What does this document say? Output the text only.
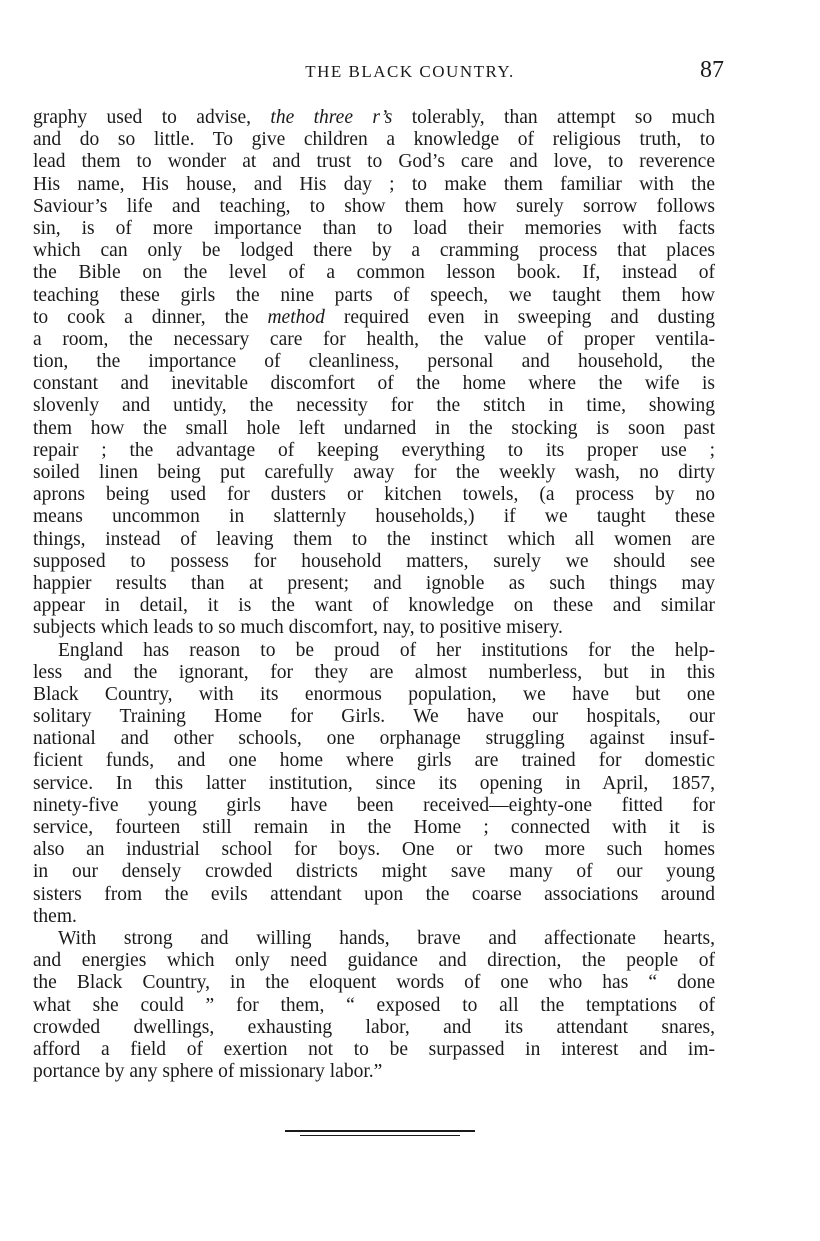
THE BLACK COUNTRY.	87
graphy used to advise, the three r’s tolerably, than attempt so much
and do so little. To give children a knowledge of religious truth, to
lead them to wonder at and trust to God’s care and love, to reverence
His name, His house, and His day ; to make them familiar with the
Saviour’s life and teaching, to show them how surely sorrow follows
sin, is of more importance than to load their memories with facts
which can only be lodged there by a cramming process that places
the Bible on the level of a common lesson book. If, instead of
teaching these girls the nine parts of speech, we taught them how
to cook a dinner, the method required even in sweeping and dusting
a room, the necessary care for health, the value of proper ventila-
tion, the importance of cleanliness, personal and household, the
constant and inevitable discomfort of the home where the wife is
slovenly and untidy, the necessity for the stitch in time, showing
them how the small hole left undarned in the stocking is soon past
repair ; the advantage of keeping everything to its proper use ;
soiled linen being put carefully away for the weekly wash, no dirty
aprons being used for dusters or kitchen towels, (a process by no
means uncommon in slatternly households,) if we taught these
things, instead of leaving them to the instinct which all women are
supposed to possess for household matters, surely we should see
happier results than at present; and ignoble as such things may
appear in detail, it is the want of knowledge on these and similar
subjects which leads to so much discomfort, nay, to positive misery.
England has reason to be proud of her institutions for the help-
less and the ignorant, for they are almost numberless, but in this
Black Country, with its enormous population, we have but one
solitary Training Home for Girls. We have our hospitals, our
national and other schools, one orphanage struggling against insuf-
ficient funds, and one home where girls are trained for domestic
service. In this latter institution, since its opening in April, 1857,
ninety-five young girls have been received—eighty-one fitted for
service, fourteen still remain in the Home ; connected with it is
also an industrial school for boys. One or two more such homes
in our densely crowded districts might save many of our young
sisters from the evils attendant upon the coarse associations around
them.
With strong and willing hands, brave and affectionate hearts,
and energies which only need guidance and direction, the people of
the Black Country, in the eloquent words of one who has “ done
what she could ” for them, “ exposed to all the temptations of
crowded dwellings, exhausting labor, and its attendant snares,
afford a field of exertion not to be surpassed in interest and im-
portance by any sphere of missionary labor.”
